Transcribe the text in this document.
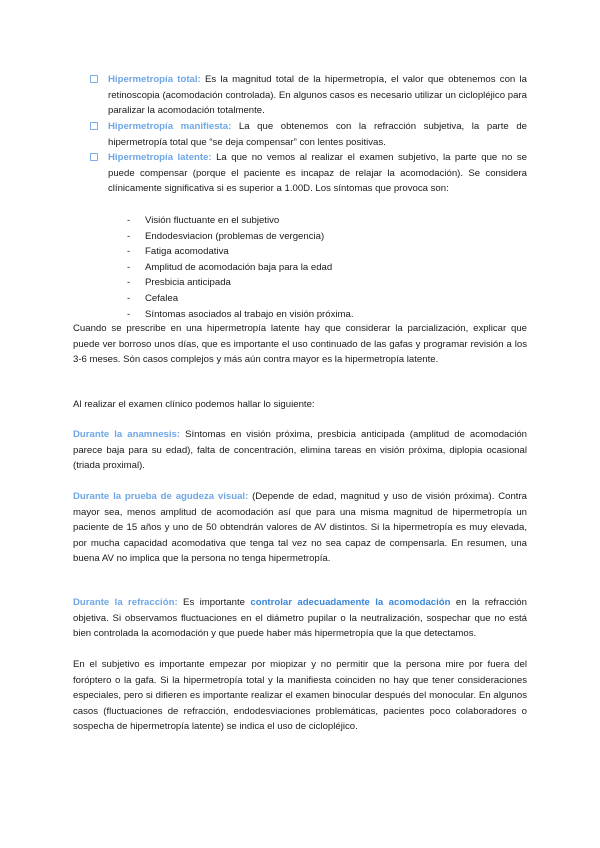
Hipermetropía total: Es la magnitud total de la hipermetropía, el valor que obtenemos con la retinoscopia (acomodación controlada). En algunos casos es necesario utilizar un ciclopléjico para paralizar la acomodación totalmente.
Hipermetropía manifiesta: La que obtenemos con la refracción subjetiva, la parte de hipermetropía total que “se deja compensar” con lentes positivas.
Hipermetropía latente: La que no vemos al realizar el examen subjetivo, la parte que no se puede compensar (porque el paciente es incapaz de relajar la acomodación). Se considera clínicamente significativa si es superior a 1.00D. Los síntomas que provoca son:
- Visión fluctuante en el subjetivo
- Endodesviacion (problemas de vergencia)
- Fatiga acomodativa
- Amplitud de acomodación baja para la edad
- Presbicia anticipada
- Cefalea
- Síntomas asociados al trabajo en visión próxima.
Cuando se prescribe en una hipermetropía latente hay que considerar la parcialización, explicar que puede ver borroso unos días, que es importante el uso continuado de las gafas y programar revisión a los 3-6 meses. Són casos complejos y más aún contra mayor es la hipermetropía latente.
Al realizar el examen clínico podemos hallar lo siguiente:
Durante la anamnesis: Síntomas en visión próxima, presbicia anticipada (amplitud de acomodación parece baja para su edad), falta de concentración, elimina tareas en visión próxima, diplopia ocasional (triada proximal).
Durante la prueba de agudeza visual: (Depende de edad, magnitud y uso de visión próxima). Contra mayor sea, menos amplitud de acomodación así que para una misma magnitud de hipermetropía un paciente de 15 años y uno de 50 obtendrán valores de AV distintos. Si la hipermetropía es muy elevada, por mucha capacidad acomodativa que tenga tal vez no sea capaz de compensarla. En resumen, una buena AV no implica que la persona no tenga hipermetropía.
Durante la refracción: Es importante controlar adecuadamente la acomodación en la refracción objetiva. Si observamos fluctuaciones en el diámetro pupilar o la neutralización, sospechar que no está bien controlada la acomodación y que puede haber más hipermetropía que la que detectamos.
En el subjetivo es importante empezar por miopizar y no permitir que la persona mire por fuera del foróptero o la gafa. Si la hipermetropía total y la manifiesta coinciden no hay que tener consideraciones especiales, pero si difieren es importante realizar el examen binocular después del monocular. En algunos casos (fluctuaciones de refracción, endodesviaciones problemáticas, pacientes poco colaboradores o sospecha de hipermetropía latente) se indica el uso de ciclopléjico.
